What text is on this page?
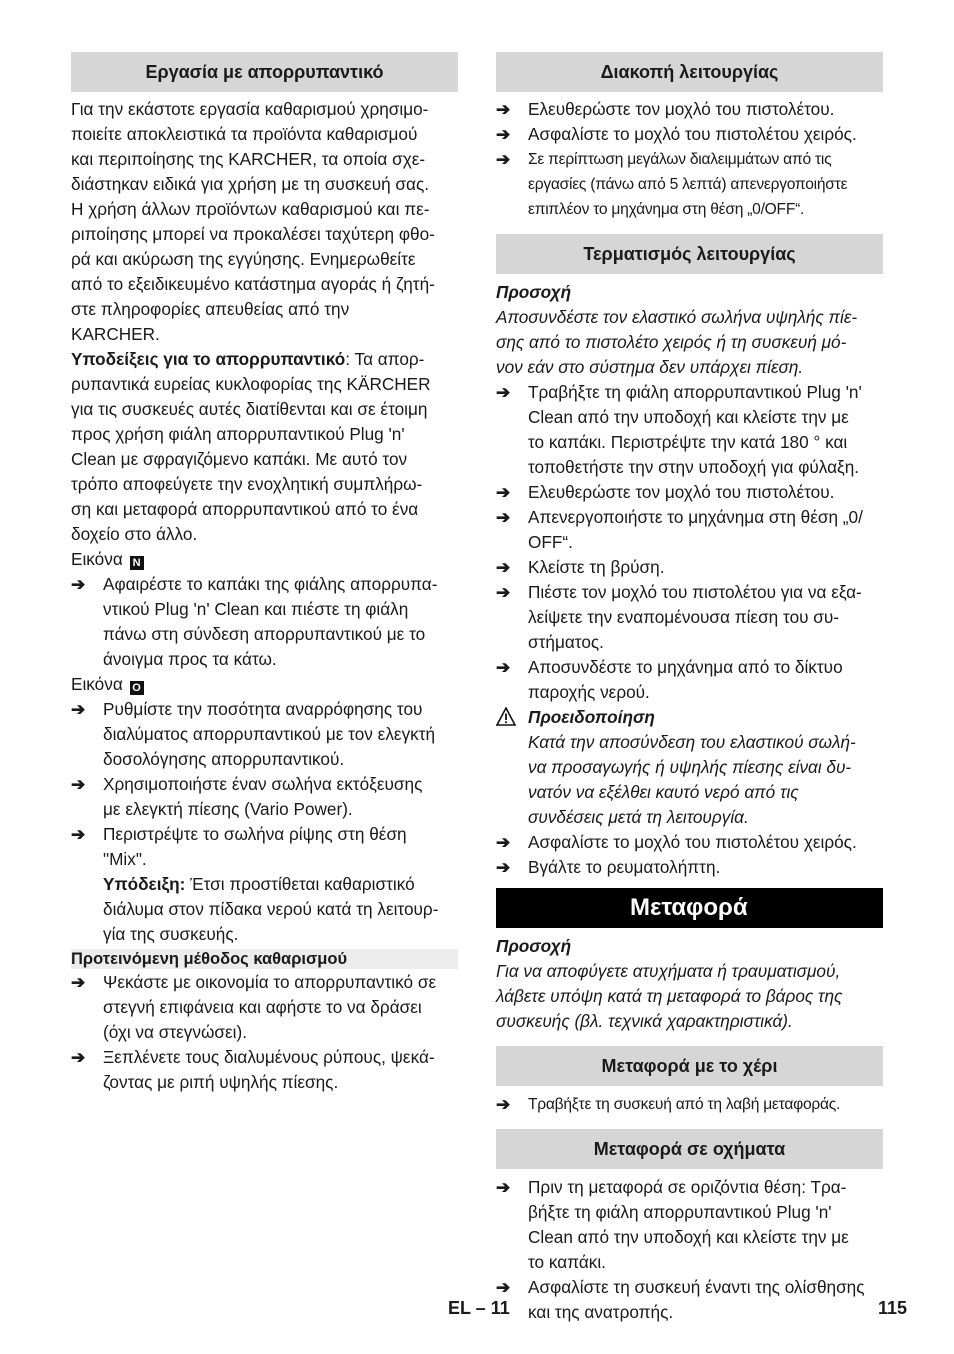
Εργασία με απορρυπαντικό
Για την εκάστοτε εργασία καθαρισμού χρησιμο-
ποιείτε αποκλειστικά τα προϊόντα καθαρισμού
και περιποίησης της KARCHER, τα οποία σχε-
διάστηκαν ειδικά για χρήση με τη συσκευή σας.
Η χρήση άλλων προϊόντων καθαρισμού και πε-
ριποίησης μπορεί να προκαλέσει ταχύτερη φθο-
ρά και ακύρωση της εγγύησης. Ενημερωθείτε
από το εξειδικευμένο κατάστημα αγοράς ή ζητή-
στε πληροφορίες απευθείας από την
KARCHER.

Υποδείξεις για το απορρυπαντικό: Τα απορ-
ρυπαντικά ευρείας κυκλοφορίας της KÄRCHER
για τις συσκευές αυτές διατίθενται και σε έτοιμη
προς χρήση φιάλη απορρυπαντικού Plug 'n'
Clean με σφραγιζόμενο καπάκι. Με αυτό τον
τρόπο αποφεύγετε την ενοχλητική συμπλήρω-
ση και μεταφορά απορρυπαντικού από το ένα
δοχείο στο άλλο.

Εικόνα N

➔ Αφαιρέστε το καπάκι της φιάλης απορρυπα-
ντικού Plug 'n' Clean και πιέστε τη φιάλη
πάνω στη σύνδεση απορρυπαντικού με το
άνοιγμα προς τα κάτω.

Εικόνα O

➔ Ρυθμίστε την ποσότητα αναρρόφησης του
διαλύματος απορρυπαντικού με τον ελεγκτή
δοσολόγησης απορρυπαντικού.
➔ Χρησιμοποιήστε έναν σωλήνα εκτόξευσης
με ελεγκτή πίεσης (Vario Power).
➔ Περιστρέψτε το σωλήνα ρίψης στη θέση
"Mix".

Υπόδειξη: Έτσι προστίθεται καθαριστικό
διάλυμα στον πίδακα νερού κατά τη λειτουρ-
γία της συσκευής.

Προτεινόμενη μέθοδος καθαρισμού
➔ Ψεκάστε με οικονομία το απορρυπαντικό σε
στεγνή επιφάνεια και αφήστε το να δράσει
(όχι να στεγνώσει).
➔ Ξεπλένετε τους διαλυμένους ρύπους, ψεκά-
ζοντας με ριπή υψηλής πίεσης.
Διακοπή λειτουργίας
➔ Ελευθερώστε τον μοχλό του πιστολέτου.
➔ Ασφαλίστε το μοχλό του πιστολέτου χειρός.
➔ Σε περίπτωση μεγάλων διαλειμμάτων από τις
εργασίες (πάνω από 5 λεπτά) απενεργοποιήστε
επιπλέον το μηχάνημα στη θέση „0/OFF“.
Τερματισμός λειτουργίας

Προσοχή

Αποσυνδέστε τον ελαστικό σωλήνα υψηλής πίε-
σης από το πιστολέτο χειρός ή τη συσκευή μό-
νον εάν στο σύστημα δεν υπάρχει πίεση.
➔ Τραβήξτε τη φιάλη απορρυπαντικού Plug 'n'
Clean από την υποδοχή και κλείστε την με
το καπάκι. Περιστρέψτε την κατά 180 ° και
τοποθετήστε την στην υποδοχή για φύλαξη.
➔ Ελευθερώστε τον μοχλό του πιστολέτου.
➔ Απενεργοποιήστε το μηχάνημα στη θέση „0/
OFF“.
➔ Κλείστε τη βρύση.
➔ Πιέστε τον μοχλό του πιστολέτου για να εξα-
λείψετε την εναπομένουσα πίεση του συ-
στήματος.
➔ Αποσυνδέστε το μηχάνημα από το δίκτυο
παροχής νερού.

Προειδοποίηση

Κατά την αποσύνδεση του ελαστικού σωλή-
να προσαγωγής ή υψηλής πίεσης είναι δυ-
νατόν να εξέλθει καυτό νερό από τις
συνδέσεις μετά τη λειτουργία.
➔ Ασφαλίστε το μοχλό του πιστολέτου χειρός.
➔ Βγάλτε το ρευματολήπτη.
Μεταφορά

Προσοχή

Για να αποφύγετε ατυχήματα ή τραυματισμού,
λάβετε υπόψη κατά τη μεταφορά το βάρος της
συσκευής (βλ. τεχνικά χαρακτηριστικά).
Μεταφορά με το χέρι
➔ Τραβήξτε τη συσκευή από τη λαβή μεταφοράς.
Μεταφορά σε οχήματα
➔ Πριν τη μεταφορά σε οριζόντια θέση: Τρα-
βήξτε τη φιάλη απορρυπαντικού Plug 'n'
Clean από την υποδοχή και κλείστε την με
το καπάκι.
➔ Ασφαλίστε τη συσκευή έναντι της ολίσθησης
και της ανατροπής.
EL – 11	115
